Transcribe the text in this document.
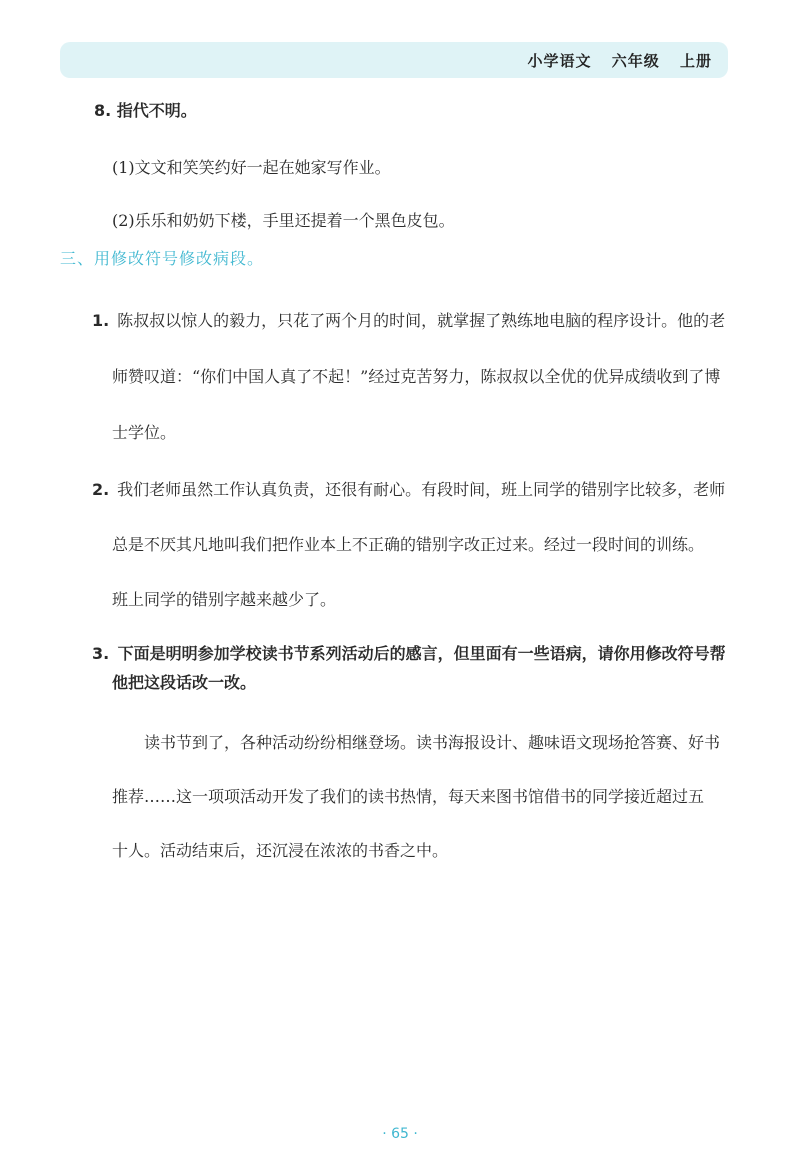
小学语文 六年级 上册
8. 指代不明。
(1)文文和笑笑约好一起在她家写作业。
(2)乐乐和奶奶下楼，手里还提着一个黑色皮包。
三、用修改符号修改病段。
1. 陈叔叔以惊人的毅力，只花了两个月的时间，就掌握了熟练地电脑的程序设计。他的老
师赞叹道：“你们中国人真了不起！”经过克苦努力，陈叔叔以全优的优异成绩收到了博
士学位。
2. 我们老师虽然工作认真负责，还很有耐心。有段时间，班上同学的错别字比较多，老师
总是不厌其凡地叫我们把作业本上不正确的错别字改正过来。经过一段时间的训练。
班上同学的错别字越来越少了。
3. 下面是明明参加学校读书节系列活动后的感言，但里面有一些语病，请你用修改符号帮
他把这段话改一改。
读书节到了，各种活动纷纷相继登场。读书海报设计、趣味语文现场抢答赛、好书
推荐……这一项项活动开发了我们的读书热情，每天来图书馆借书的同学接近超过五
十人。活动结束后，还沉浸在浓浓的书香之中。
· 65 ·
